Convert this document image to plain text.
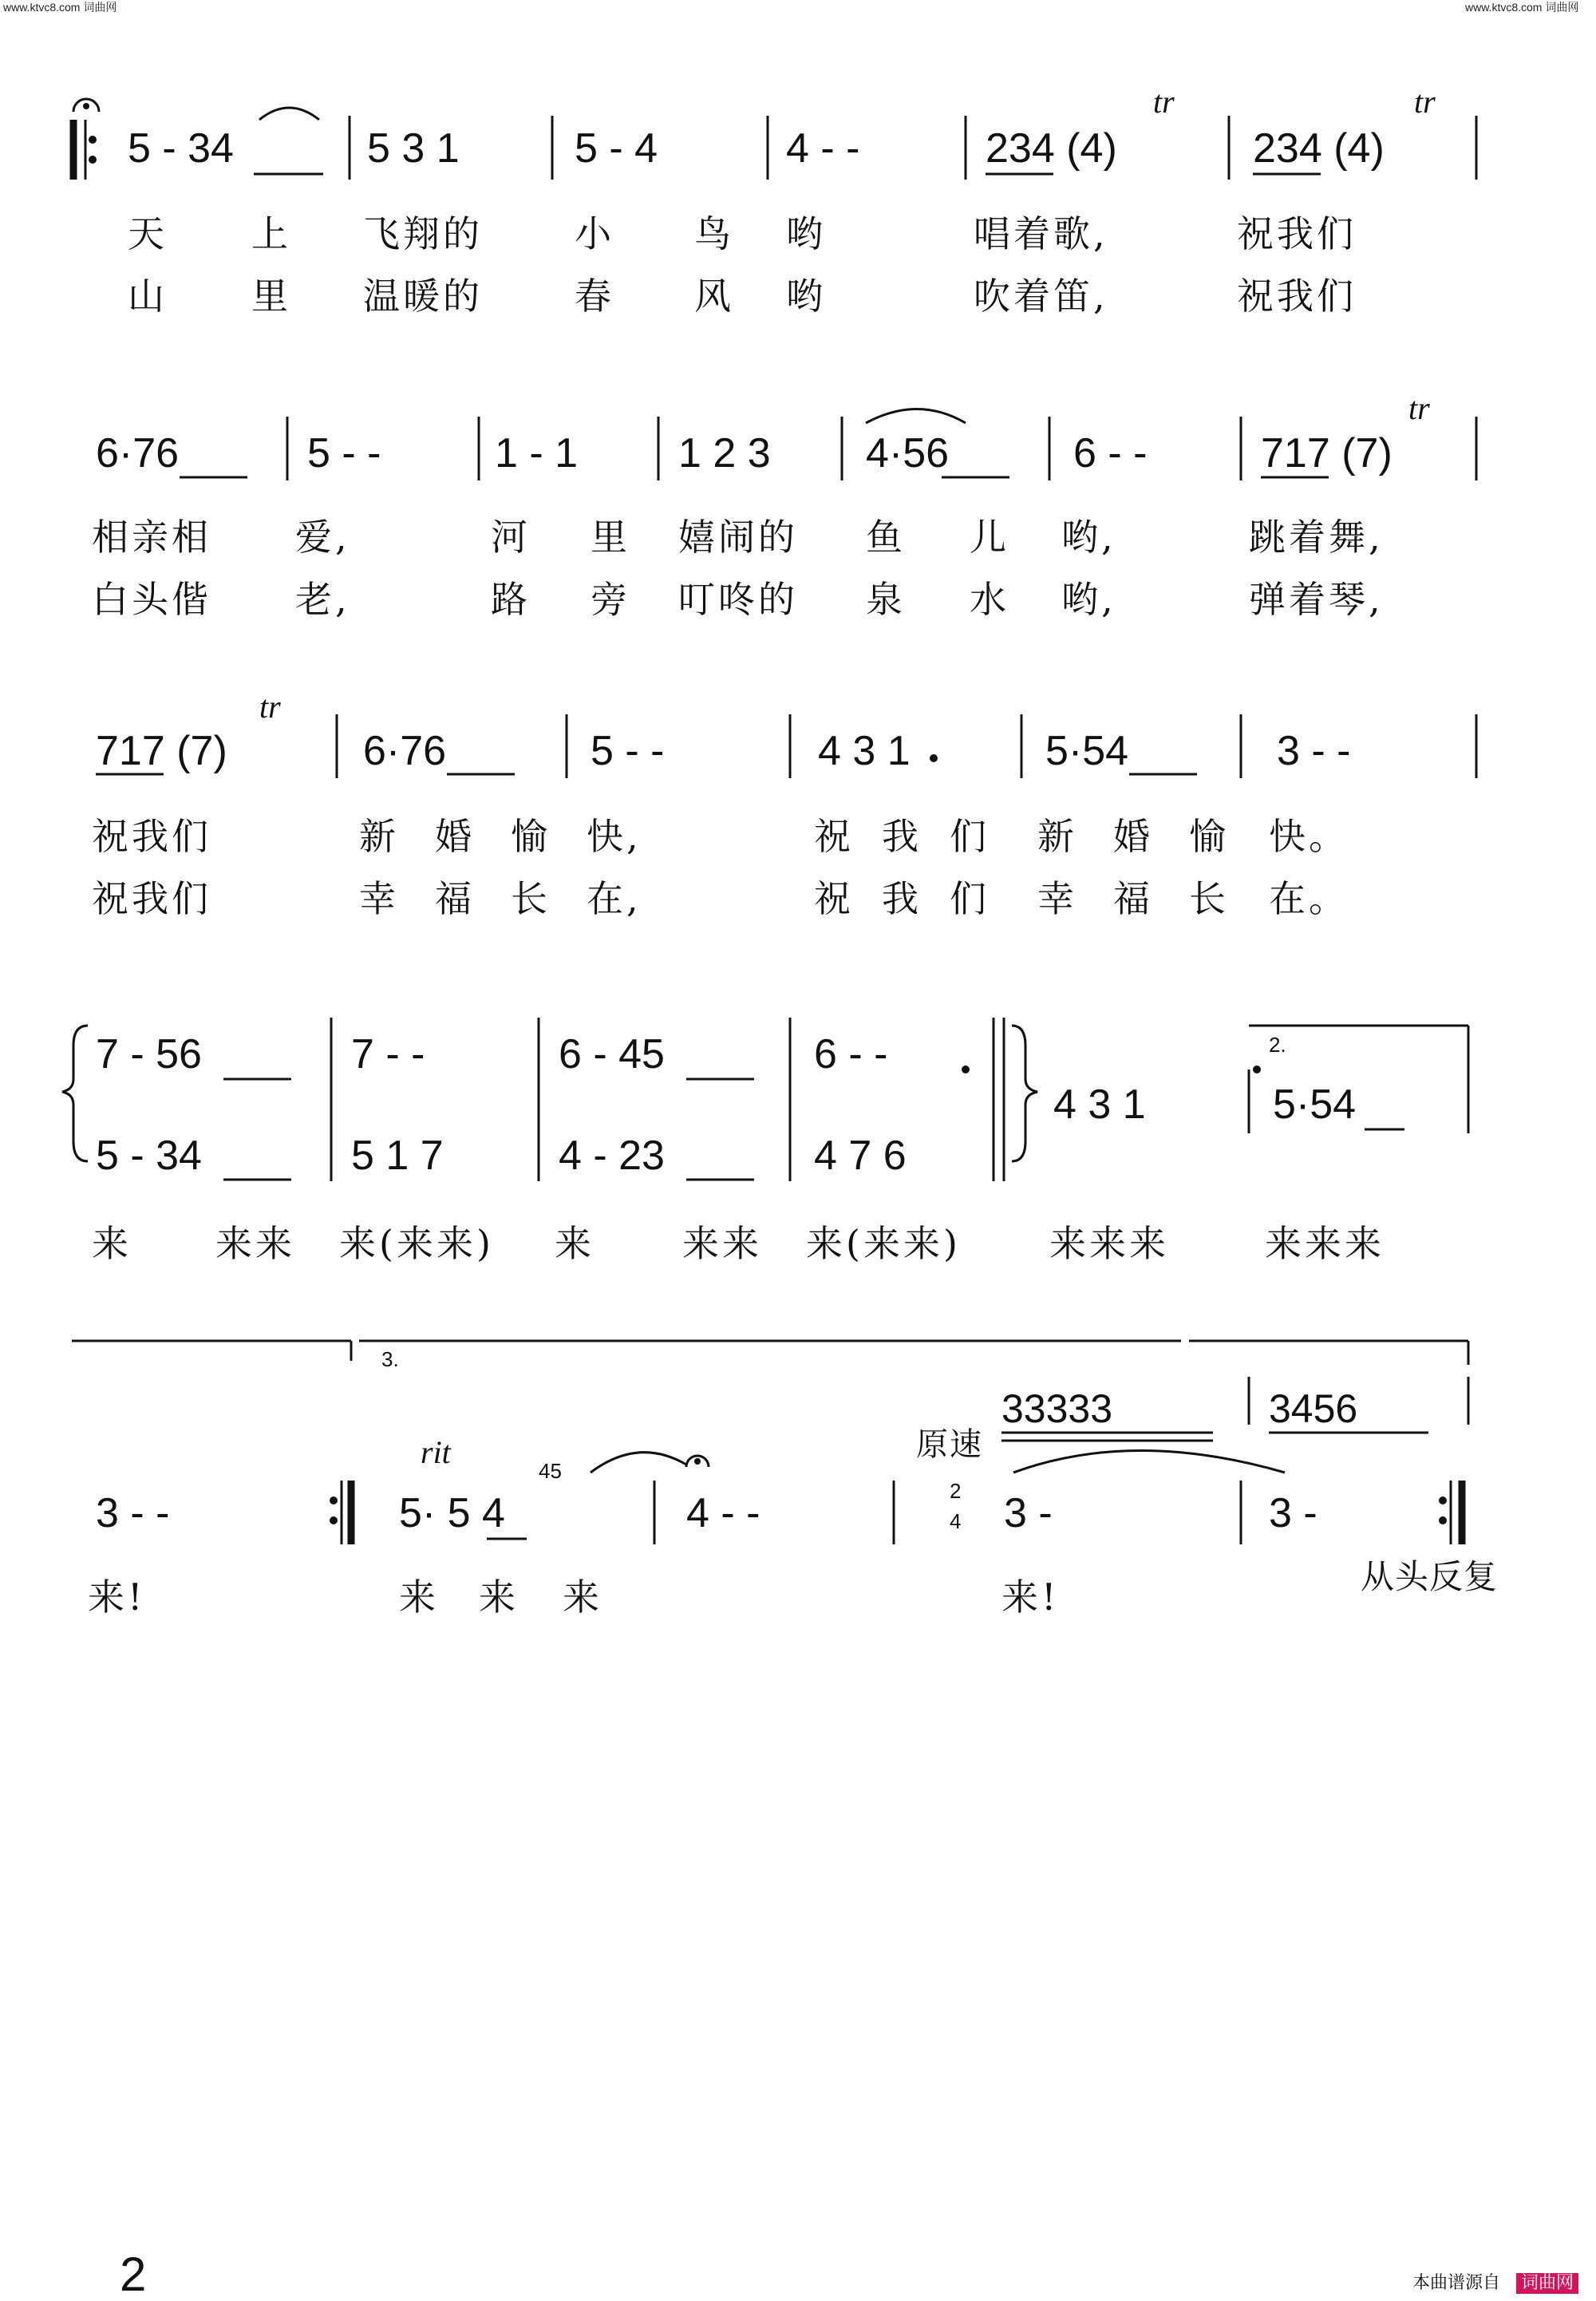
www.ktvc8.com 词曲网	www.ktvc8.com 词曲网
5 - 34	5 3 1	5 - 4	4 - -	234 (4)	234 (4)
tr	tr
天 上 飞翔的	小 鸟 哟	唱着歌,	祝我们
山 里 温暖的	春 风 哟	吹着笛,	祝我们
6·76	5 - -	1 - 1 1 2 3 4·56	6 - -	717 (7)
tr
相亲相 爱,	河 里 嬉闹的 鱼 儿 哟,	跳着舞,
白头偕 老,	路 旁 叮咚的 泉 水 哟,	弹着琴,
717 (7)	6·76	5 - -	4 3 1	5·54	3 - -
tr
祝我们	新 婚 愉 快,	祝 我 们 新 婚 愉 快。
祝我们	幸 福 长 在,	祝 我 们 幸 福 长 在。
7 - 56	7 - -	6 - 45	6 - -
5 - 34	5 1 7	4 - 23	4 7 6
4 3 1	5·54
2.
来 来来 来(来来) 来 来来 来(来来) 来来来	来来来
3.
rit
45
原速
33333	3456
3 - -	5· 5 4	4 - -	2
4 3 -	3 -
来!	来 来 来	来!	从头反复
2	本曲谱源自 词曲网
